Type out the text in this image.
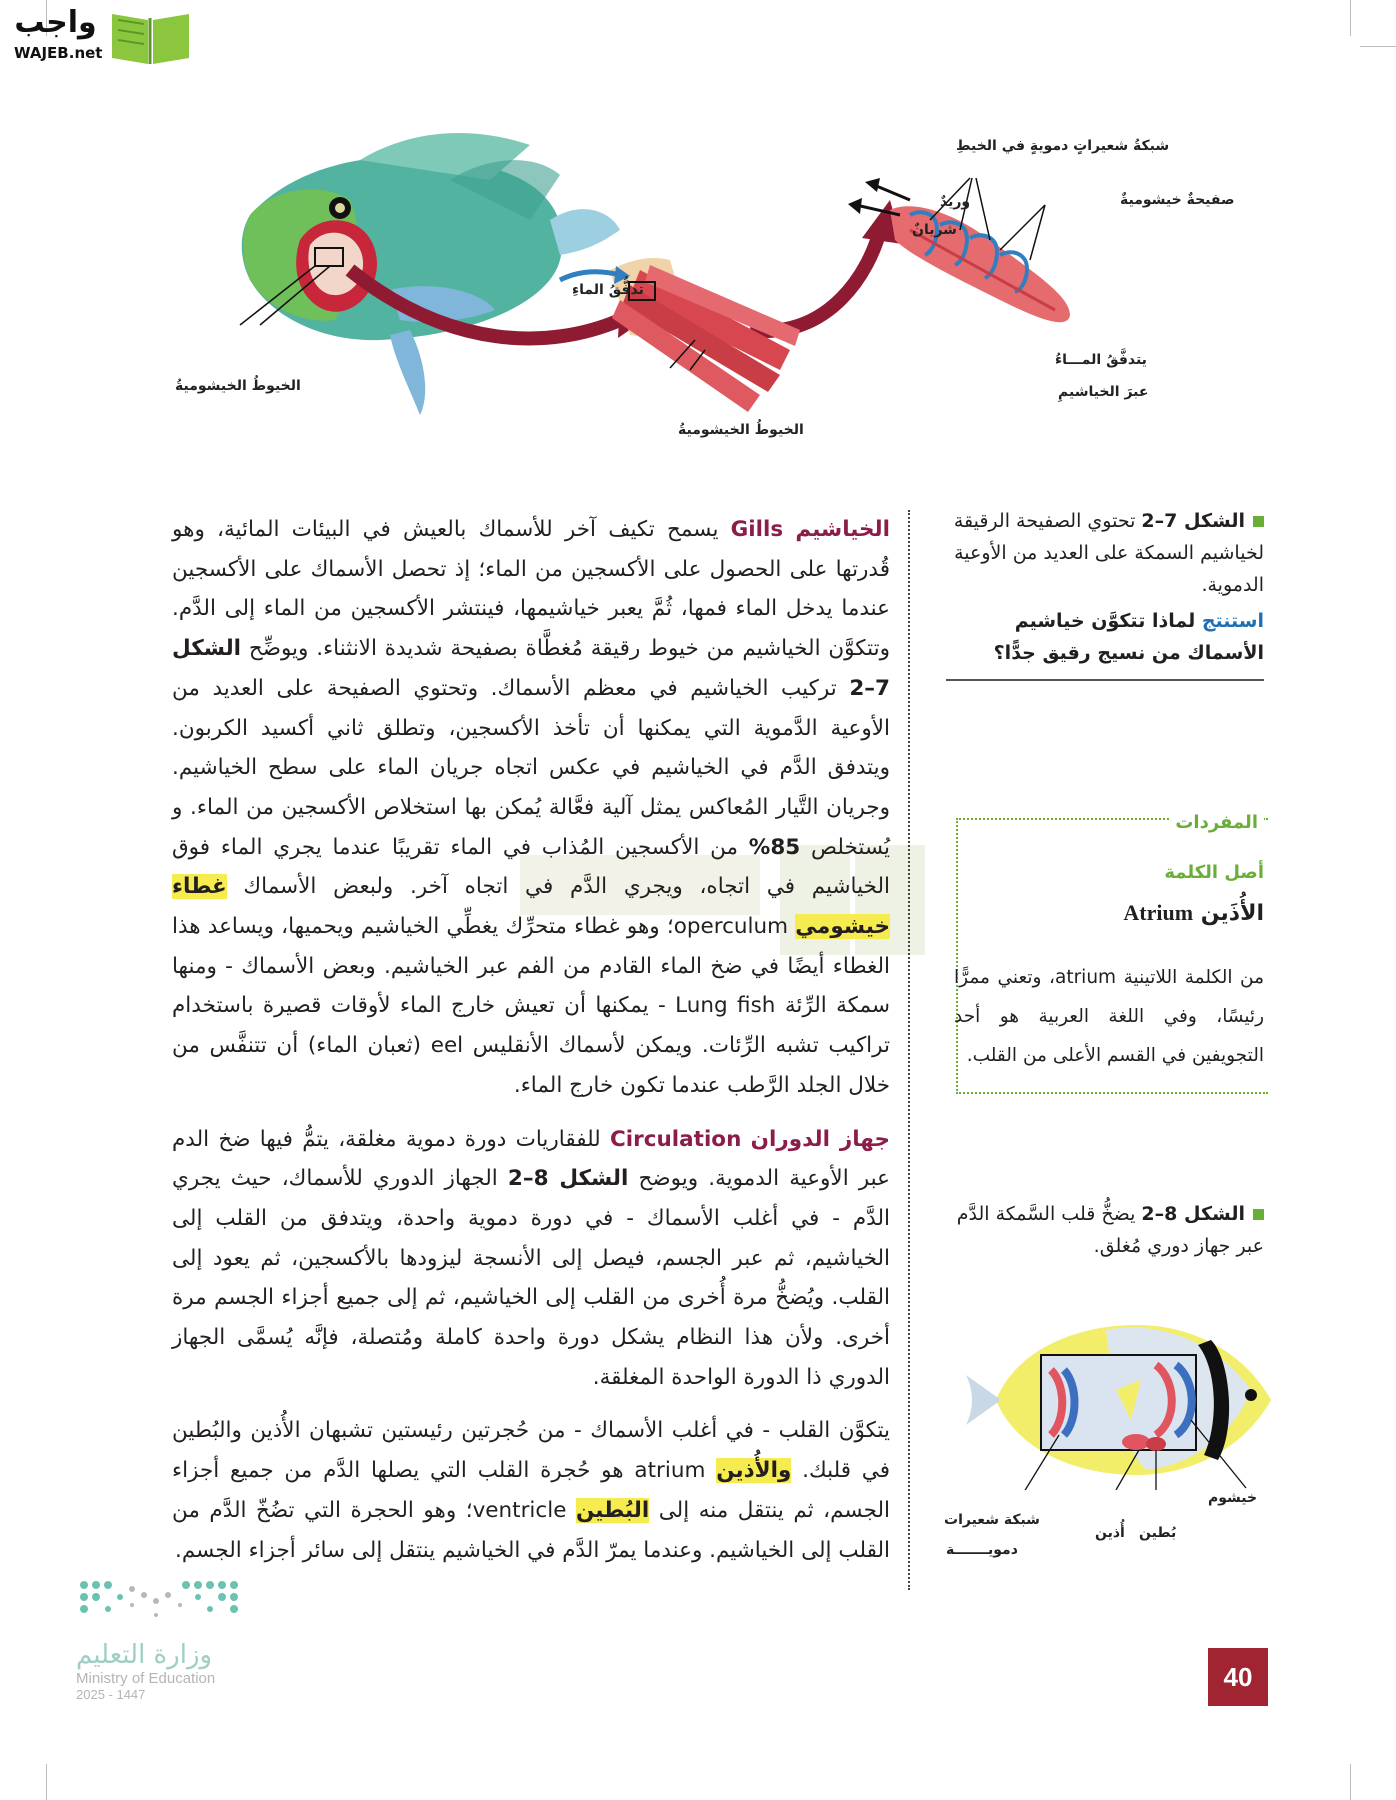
واجب
WAJEB.net
الخيوطُ الخيشوميةُ
الخيوطُ الخيشوميةُ
تدفُّقُ الماءِ
شبكةُ شعيراتٍ دمويةٍ في الخيطِ
صفيحةٌ خيشوميةٌ
وريدٌ
شريانٌ
يتدفَّقُ المـــاءُ
عبرَ الخياشيمِ

الخياشيم Gills يسمح تكيف آخر للأسماك بالعيش في البيئات المائية، وهو قُدرتها على الحصول على الأكسجين من الماء؛ إذ تحصل الأسماك على الأكسجين عندما يدخل الماء فمها، ثُمَّ يعبر خياشيمها، فينتشر الأكسجين من الماء إلى الدَّم. وتتكوَّن الخياشيم من خيوط رقيقة مُغطَّاة بصفيحة شديدة الانثناء. ويوضِّح الشكل 7–2 تركيب الخياشيم في معظم الأسماك. وتحتوي الصفيحة على العديد من الأوعية الدَّموية التي يمكنها أن تأخذ الأكسجين، وتطلق ثاني أكسيد الكربون. ويتدفق الدَّم في الخياشيم في عكس اتجاه جريان الماء على سطح الخياشيم. وجريان التَّيار المُعاكس يمثل آلية فعَّالة يُمكن بها استخلاص الأكسجين من الماء. و يُستخلص 85% من الأكسجين المُذاب في الماء تقريبًا عندما يجري الماء فوق الخياشيم في اتجاه، ويجري الدَّم في اتجاه آخر. ولبعض الأسماك غطاء خيشومي operculum؛ وهو غطاء متحرِّك يغطِّي الخياشيم ويحميها، ويساعد هذا الغطاء أيضًا في ضخ الماء القادم من الفم عبر الخياشيم. وبعض الأسماك - ومنها سمكة الرِّئة Lung fish - يمكنها أن تعيش خارج الماء لأوقات قصيرة باستخدام تراكيب تشبه الرِّئات. ويمكن لأسماك الأنقليس eel (ثعبان الماء) أن تتنفَّس من خلال الجلد الرَّطب عندما تكون خارج الماء.

جهاز الدوران Circulation للفقاريات دورة دموية مغلقة، يتمُّ فيها ضخ الدم عبر الأوعية الدموية. ويوضح الشكل 8–2 الجهاز الدوري للأسماك، حيث يجري الدَّم - في أغلب الأسماك - في دورة دموية واحدة، ويتدفق من القلب إلى الخياشيم، ثم عبر الجسم، فيصل إلى الأنسجة ليزودها بالأكسجين، ثم يعود إلى القلب. ويُضخُّ مرة أُخرى من القلب إلى الخياشيم، ثم إلى جميع أجزاء الجسم مرة أخرى. ولأن هذا النظام يشكل دورة واحدة كاملة ومُتصلة، فإنَّه يُسمَّى الجهاز الدوري ذا الدورة الواحدة المغلقة.

يتكوَّن القلب - في أغلب الأسماك - من حُجرتين رئيستين تشبهان الأُذين والبُطين في قلبك. والأُذين atrium هو حُجرة القلب التي يصلها الدَّم من جميع أجزاء الجسم، ثم ينتقل منه إلى البُطين ventricle؛ وهو الحجرة التي تضُخّ الدَّم من القلب إلى الخياشيم. وعندما يمرّ الدَّم في الخياشيم ينتقل إلى سائر أجزاء الجسم.

الشكل 7–2 تحتوي الصفيحة الرقيقة لخياشيم السمكة على العديد من الأوعية الدموية.
استنتج لماذا تتكوَّن خياشيم الأسماك من نسيج رقيق جدًّا؟
المفردات
أصل الكلمة
الأُذَين Atrium
من الكلمة اللاتينية atrium، وتعني ممرًّا رئيسًا، وفي اللغة العربية هو أحد التجويفين في القسم الأعلى من القلب.
الشكل 8–2 يضخُّ قلب السَّمكة الدَّم عبر جهاز دوري مُغلق.
خيشوم
بُطين
أُذين
شبكة شعيرات
دمويـــــــة
وزارة التعليم
Ministry of Education
2025 - 1447
40
